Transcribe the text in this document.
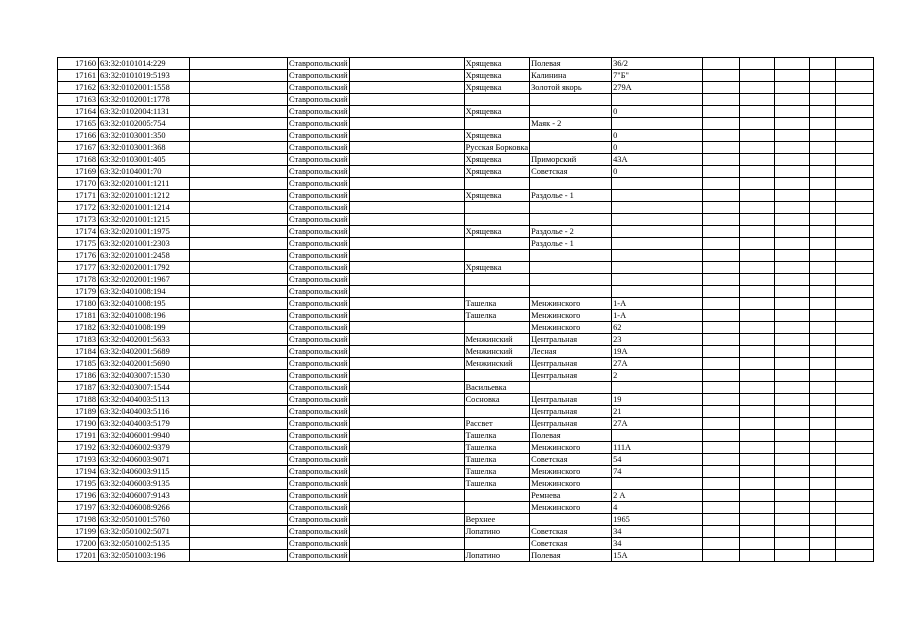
17160	63:32:0101014:229		Ставропольский		Хрящевка	Полевая	36/2					
17161	63:32:0101019:5193		Ставропольский		Хрящевка	Калинина	7"Б"					
17162	63:32:0102001:1558		Ставропольский		Хрящевка	Золотой якорь	279А					
17163	63:32:0102001:1778		Ставропольский									
17164	63:32:0102004:1131		Ставропольский		Хрящевка		0					
17165	63:32:0102005:754		Ставропольский			Маяк - 2						
17166	63:32:0103001:350		Ставропольский		Хрящевка		0					
17167	63:32:0103001:368		Ставропольский		Русская Борковка		0					
17168	63:32:0103001:405		Ставропольский		Хрящевка	Приморский	43А					
17169	63:32:0104001:70		Ставропольский		Хрящевка	Советская	0					
17170	63:32:0201001:1211		Ставропольский									
17171	63:32:0201001:1212		Ставропольский		Хрящевка	Раздолье - 1						
17172	63:32:0201001:1214		Ставропольский									
17173	63:32:0201001:1215		Ставропольский									
17174	63:32:0201001:1975		Ставропольский		Хрящевка	Раздолье - 2						
17175	63:32:0201001:2303		Ставропольский			Раздолье - 1						
17176	63:32:0201001:2458		Ставропольский									
17177	63:32:0202001:1792		Ставропольский		Хрящевка							
17178	63:32:0202001:1967		Ставропольский									
17179	63:32:0401008:194		Ставропольский									
17180	63:32:0401008:195		Ставропольский		Ташелка	Менжинского	1-А					
17181	63:32:0401008:196		Ставропольский		Ташелка	Менжинского	1-А					
17182	63:32:0401008:199		Ставропольский			Менжинского	62					
17183	63:32:0402001:5633		Ставропольский		Менжинский	Центральная	23					
17184	63:32:0402001:5689		Ставропольский		Менжинский	Лесная	19А					
17185	63:32:0402001:5690		Ставропольский		Менжинский	Центральная	27А					
17186	63:32:0403007:1530		Ставропольский			Центральная	2					
17187	63:32:0403007:1544		Ставропольский		Васильевка							
17188	63:32:0404003:5113		Ставропольский		Сосновка	Центральная	19					
17189	63:32:0404003:5116		Ставропольский			Центральная	21					
17190	63:32:0404003:5179		Ставропольский		Рассвет	Центральная	27А					
17191	63:32:0406001:9940		Ставропольский		Ташелка	Полевая						
17192	63:32:0406002:9379		Ставропольский		Ташелка	Менжинского	111А					
17193	63:32:0406003:9071		Ставропольский		Ташелка	Советская	54					
17194	63:32:0406003:9115		Ставропольский		Ташелка	Менжинского	74					
17195	63:32:0406003:9135		Ставропольский		Ташелка	Менжинского						
17196	63:32:0406007:9143		Ставропольский			Ремнева	2 А					
17197	63:32:0406008:9266		Ставропольский			Менжинского	4					
17198	63:32:0501001:5760		Ставропольский		Верхнее		1965					
17199	63:32:0501002:5071		Ставропольский		Лопатино	Советская	34					
17200	63:32:0501002:5135		Ставропольский			Советская	34					
17201	63:32:0501003:196		Ставропольский		Лопатино	Полевая	15А					
